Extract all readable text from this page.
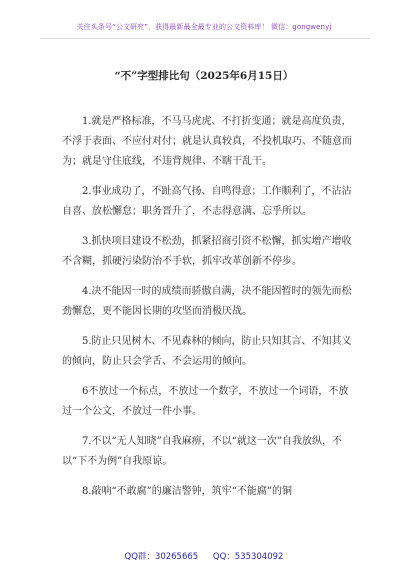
关注头条号“公文研究”，获得最新最全最专业的公文资料库！ 微信：gongwenyj
“不”字型排比句（2025年6月15日）

1.就是严格标准，不马马虎虎、不打折变通；就是高度负责，不浮于表面、不应付对付；就是认真较真，不投机取巧、不随意而为；就是守住底线，不违背规律、不瞎干乱干。

2.事业成功了，不趾高气扬、自鸣得意；工作顺利了，不沾沾自喜、放松懈怠；职务晋升了，不志得意满、忘乎所以。

3.抓快项目建设不松劲，抓紧招商引资不松懈，抓实增产增收不含糊，抓硬污染防治不手软，抓牢改革创新不停步。

4.决不能因一时的成绩而骄傲自满，决不能因暂时的领先而松劲懈怠，更不能因长期的攻坚而消极厌战。

5.防止只见树木、不见森林的倾向，防止只知其言、不知其义的倾向，防止只会学舌、不会运用的倾向。

6不放过一个标点，不放过一个数字，不放过一个词语，不放过一个公文，不放过一件小事。

7.不以“无人知晓”自我麻痹，不以“就这一次”自我放纵，不以“下不为例”自我原谅。

8.敲响“不敢腐”的廉洁警钟，筑牢“不能腐”的铜

QQ群：30265665 QQ：535304092
